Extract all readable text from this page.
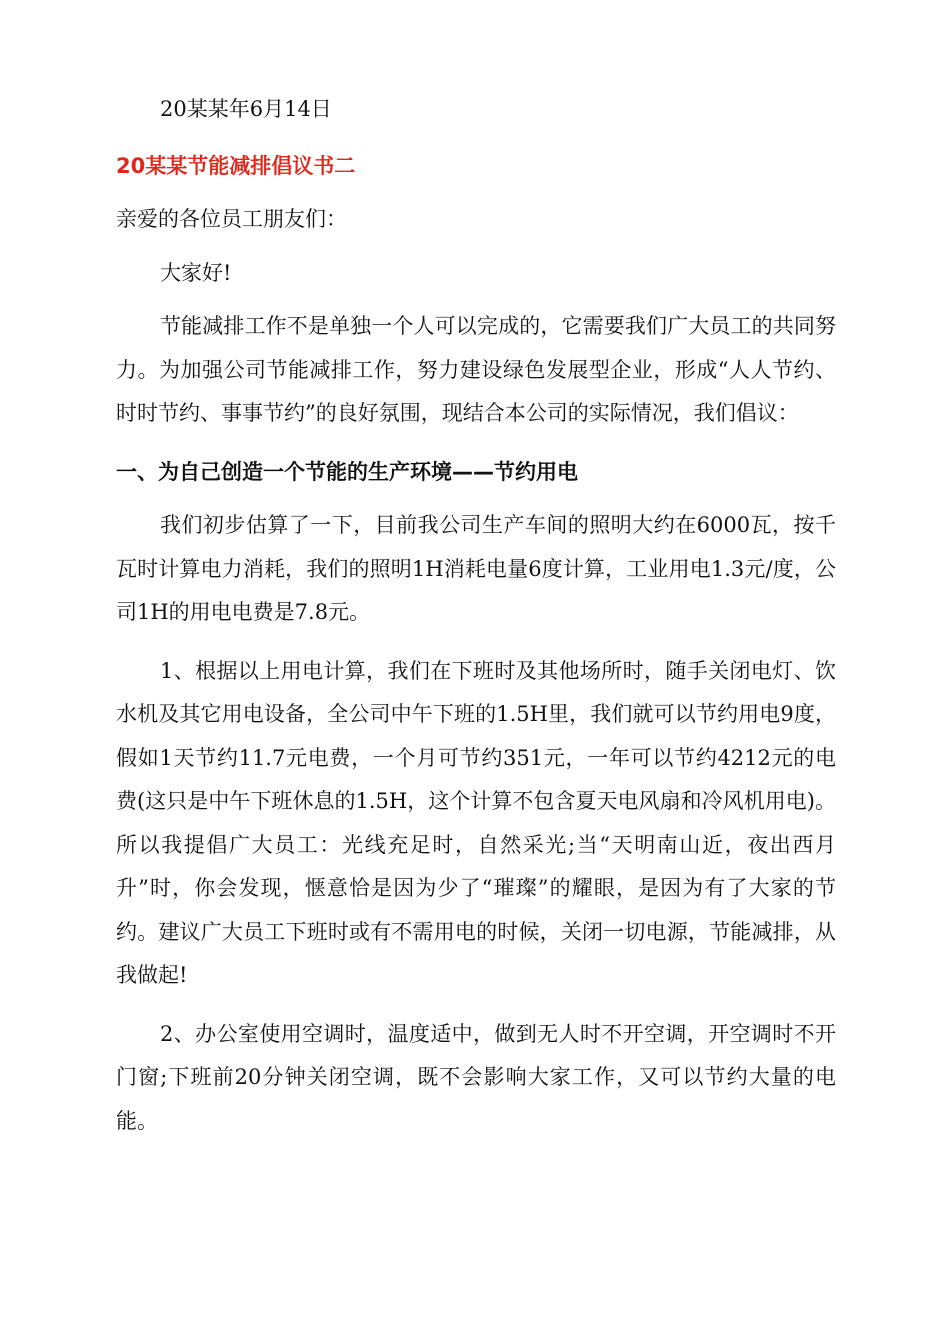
20某某年6月14日

20某某节能减排倡议书二

亲爱的各位员工朋友们：

大家好!

节能减排工作不是单独一个人可以完成的，它需要我们广大员工的共同努力。为加强公司节能减排工作，努力建设绿色发展型企业，形成“人人节约、时时节约、事事节约”的良好氛围，现结合本公司的实际情况，我们倡议：

一、为自己创造一个节能的生产环境——节约用电

我们初步估算了一下，目前我公司生产车间的照明大约在6000瓦，按千瓦时计算电力消耗，我们的照明1H消耗电量6度计算，工业用电1.3元/度，公司1H的用电电费是7.8元。

1、根据以上用电计算，我们在下班时及其他场所时，随手关闭电灯、饮水机及其它用电设备，全公司中午下班的1.5H里，我们就可以节约用电9度，假如1天节约11.7元电费，一个月可节约351元，一年可以节约4212元的电费(这只是中午下班休息的1.5H，这个计算不包含夏天电风扇和冷风机用电)。所以我提倡广大员工：光线充足时，自然采光;当“天明南山近，夜出西月升”时，你会发现，惬意恰是因为少了“璀璨”的耀眼，是因为有了大家的节约。建议广大员工下班时或有不需用电的时候，关闭一切电源，节能减排，从我做起!

2、办公室使用空调时，温度适中，做到无人时不开空调，开空调时不开门窗;下班前20分钟关闭空调，既不会影响大家工作，又可以节约大量的电能。
